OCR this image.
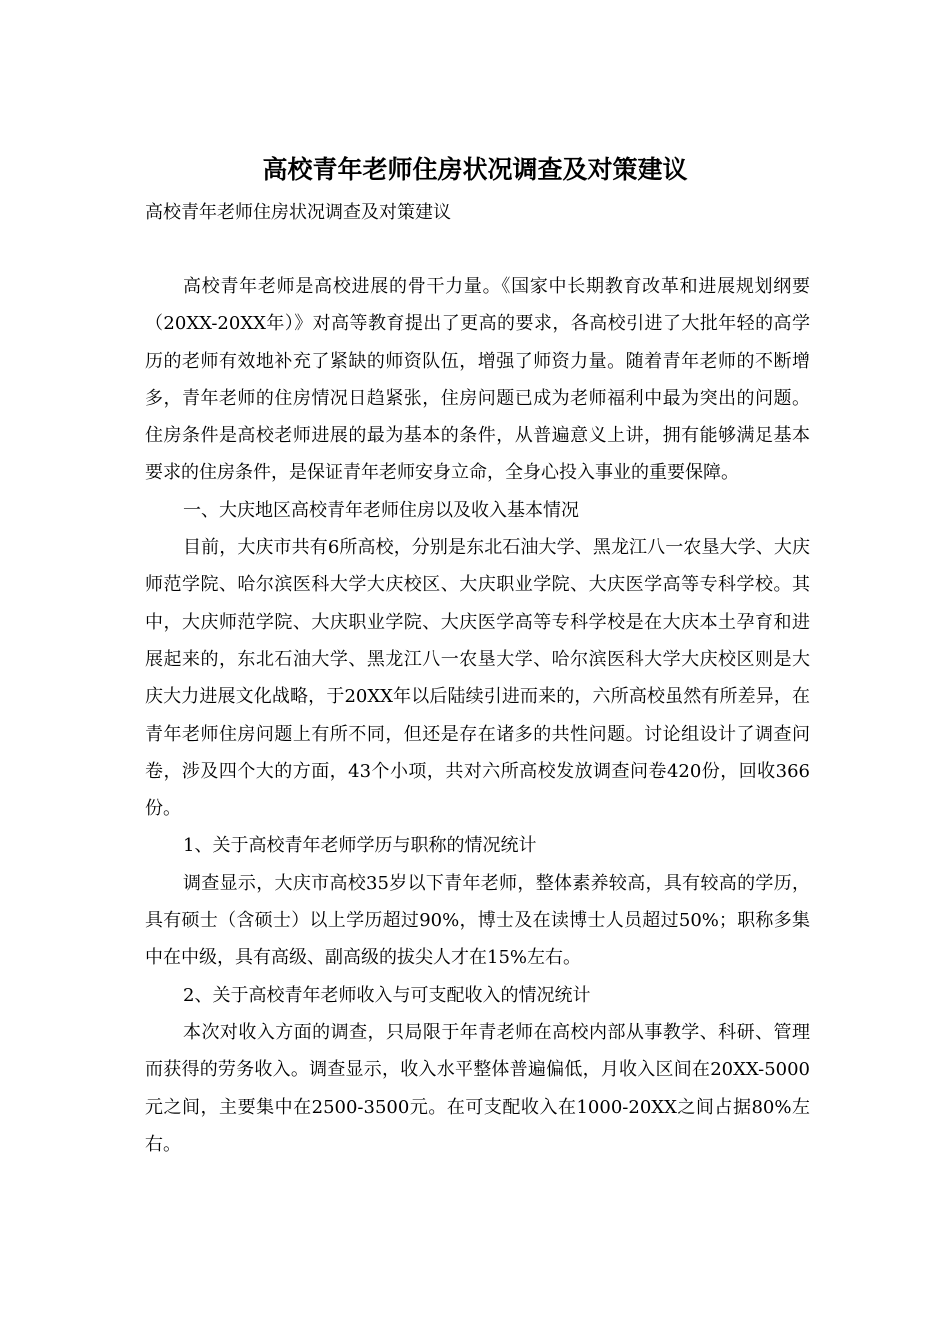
高校青年老师住房状况调查及对策建议

高校青年老师住房状况调查及对策建议

高校青年老师是高校进展的骨干力量。《国家中长期教育改革和进展规划纲要（20XX-20XX年）》对高等教育提出了更高的要求，各高校引进了大批年轻的高学历的老师有效地补充了紧缺的师资队伍，增强了师资力量。随着青年老师的不断增多，青年老师的住房情况日趋紧张，住房问题已成为老师福利中最为突出的问题。住房条件是高校老师进展的最为基本的条件，从普遍意义上讲，拥有能够满足基本要求的住房条件，是保证青年老师安身立命，全身心投入事业的重要保障。

一、大庆地区高校青年老师住房以及收入基本情况

目前，大庆市共有6所高校，分别是东北石油大学、黑龙江八一农垦大学、大庆师范学院、哈尔滨医科大学大庆校区、大庆职业学院、大庆医学高等专科学校。其中，大庆师范学院、大庆职业学院、大庆医学高等专科学校是在大庆本土孕育和进展起来的，东北石油大学、黑龙江八一农垦大学、哈尔滨医科大学大庆校区则是大庆大力进展文化战略，于20XX年以后陆续引进而来的，六所高校虽然有所差异，在青年老师住房问题上有所不同，但还是存在诸多的共性问题。讨论组设计了调查问卷，涉及四个大的方面，43个小项，共对六所高校发放调查问卷420份，回收366份。

1、关于高校青年老师学历与职称的情况统计

调查显示，大庆市高校35岁以下青年老师，整体素养较高，具有较高的学历，具有硕士（含硕士）以上学历超过90%，博士及在读博士人员超过50%；职称多集中在中级，具有高级、副高级的拔尖人才在15%左右。

2、关于高校青年老师收入与可支配收入的情况统计

本次对收入方面的调查，只局限于年青老师在高校内部从事教学、科研、管理而获得的劳务收入。调查显示，收入水平整体普遍偏低，月收入区间在20XX-5000元之间，主要集中在2500-3500元。在可支配收入在1000-20XX之间占据80%左右。
